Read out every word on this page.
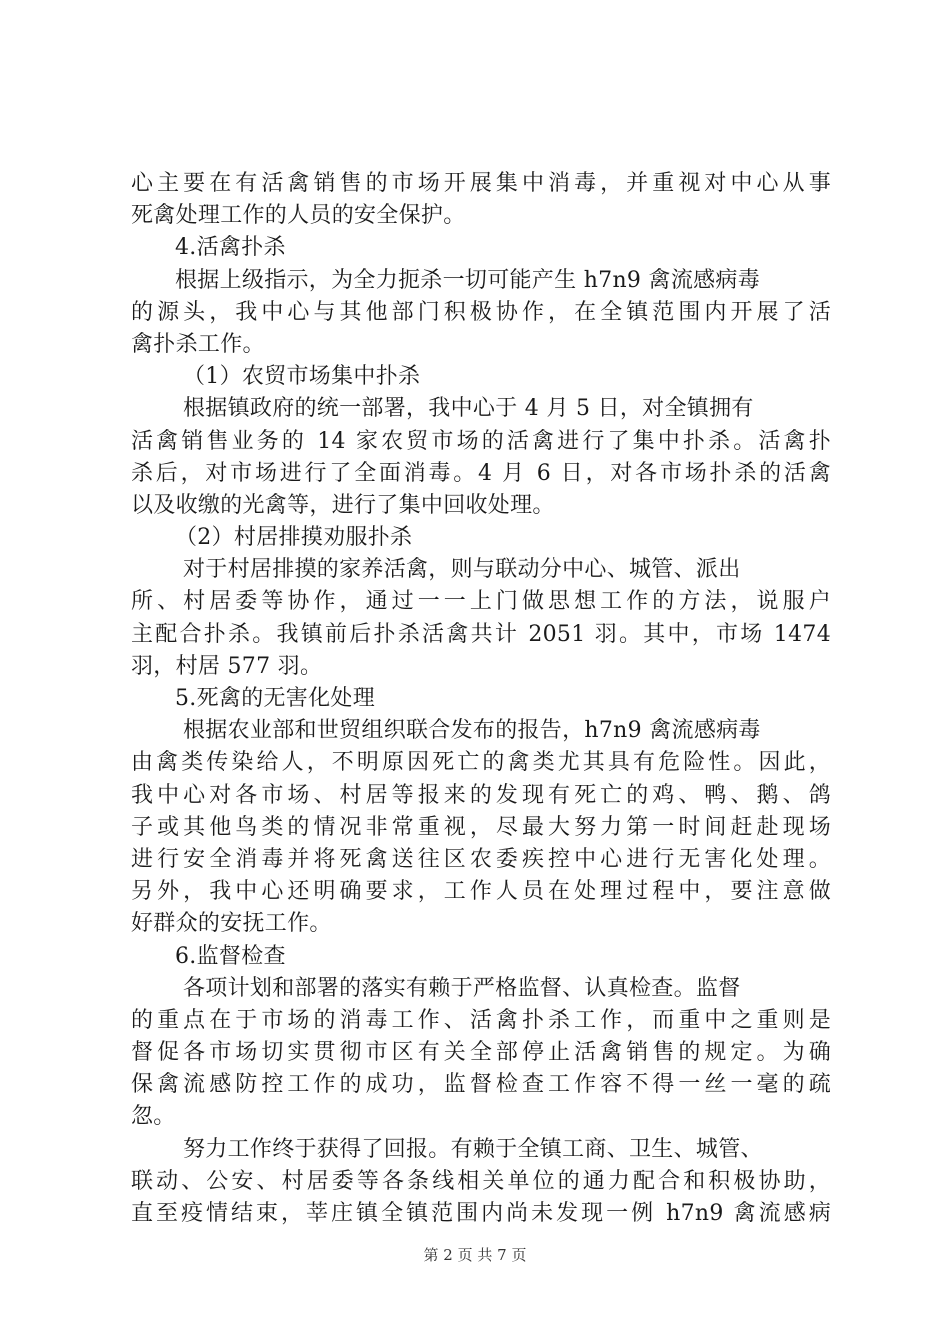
心主要在有活禽销售的市场开展集中消毒，并重视对中心从事
死禽处理工作的人员的安全保护。
4.活禽扑杀
根据上级指示，为全力扼杀一切可能产生 h7n9 禽流感病毒
的源头，我中心与其他部门积极协作，在全镇范围内开展了活
禽扑杀工作。
（1）农贸市场集中扑杀
根据镇政府的统一部署，我中心于 4 月 5 日，对全镇拥有
活禽销售业务的 14 家农贸市场的活禽进行了集中扑杀。活禽扑
杀后，对市场进行了全面消毒。4 月 6 日，对各市场扑杀的活禽
以及收缴的光禽等，进行了集中回收处理。
（2）村居排摸劝服扑杀
对于村居排摸的家养活禽，则与联动分中心、城管、派出
所、村居委等协作，通过一一上门做思想工作的方法，说服户
主配合扑杀。我镇前后扑杀活禽共计 2051 羽。其中，市场 1474
羽，村居 577 羽。
5.死禽的无害化处理
根据农业部和世贸组织联合发布的报告，h7n9 禽流感病毒
由禽类传染给人，不明原因死亡的禽类尤其具有危险性。因此，
我中心对各市场、村居等报来的发现有死亡的鸡、鸭、鹅、鸽
子或其他鸟类的情况非常重视，尽最大努力第一时间赶赴现场
进行安全消毒并将死禽送往区农委疾控中心进行无害化处理。
另外，我中心还明确要求，工作人员在处理过程中，要注意做
好群众的安抚工作。
6.监督检查
各项计划和部署的落实有赖于严格监督、认真检查。监督
的重点在于市场的消毒工作、活禽扑杀工作，而重中之重则是
督促各市场切实贯彻市区有关全部停止活禽销售的规定。为确
保禽流感防控工作的成功，监督检查工作容不得一丝一毫的疏
忽。
努力工作终于获得了回报。有赖于全镇工商、卫生、城管、
联动、公安、村居委等各条线相关单位的通力配合和积极协助，
直至疫情结束，莘庄镇全镇范围内尚未发现一例 h7n9 禽流感病
第 2 页 共 7 页
